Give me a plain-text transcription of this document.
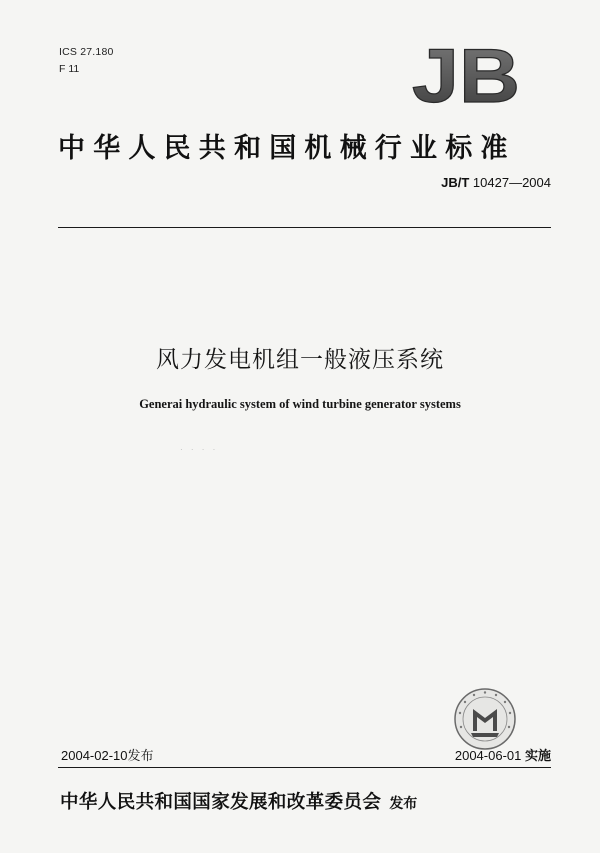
ICS 27.180
F 11	JB
中华人民共和国机械行业标准
JB/T 10427—2004
风力发电机组一般液压系统
Generai hydraulic system of wind turbine generator systems
· · · ·
2004-02-10发布	2004-06-01 实施
中华人民共和国国家发展和改革委员会 发布
